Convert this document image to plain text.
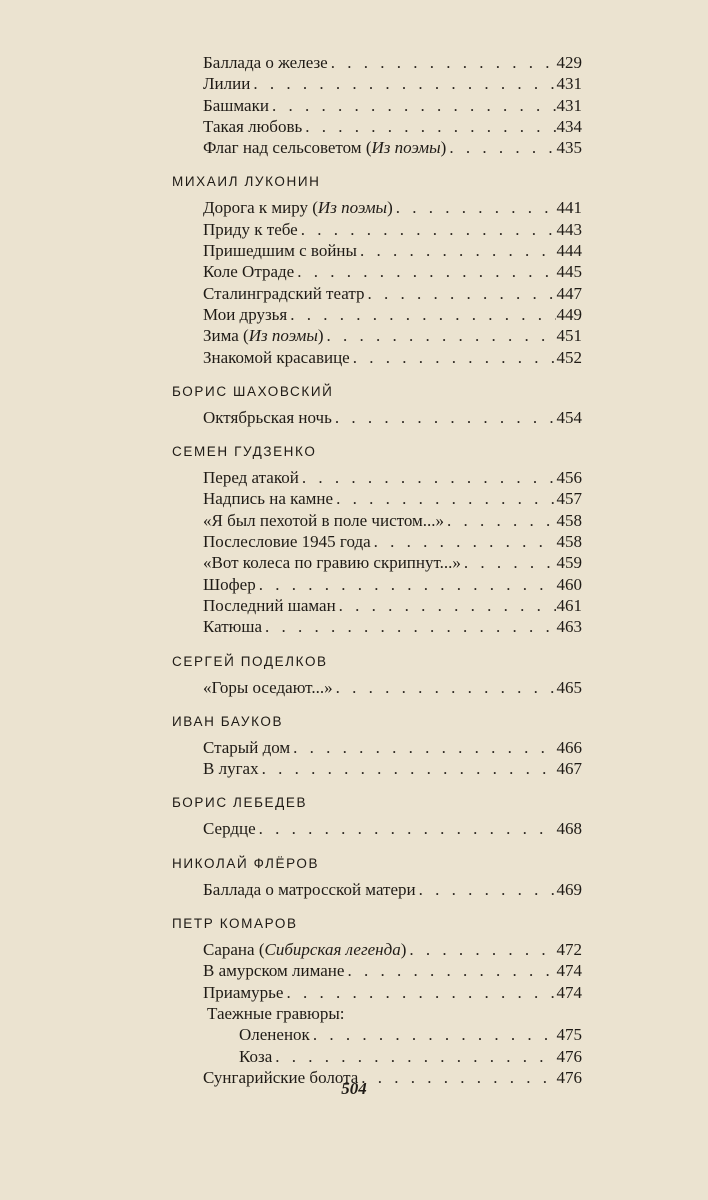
Баллада о железе . . .	429
Лилии . . .	431
Башмаки . . .	431
Такая любовь . . .	434
Флаг над сельсоветом (Из поэмы) . . .	435
МИХАИЛ ЛУКОНИН
Дорога к миру (Из поэмы) . . .	441
Приду к тебе . . .	443
Пришедшим с войны . . .	444
Коле Отраде . . .	445
Сталинградский театр . . .	447
Мои друзья . . .	449
Зима (Из поэмы) . . .	451
Знакомой красавице . . .	452
БОРИС ШАХОВСКИЙ
Октябрьская ночь . . .	454
СЕМЕН ГУДЗЕНКО
Перед атакой . . .	456
Надпись на камне . . .	457
«Я был пехотой в поле чистом...» . . .	458
Послесловие 1945 года . . .	458
«Вот колеса по гравию скрипнут...» . . .	459
Шофер . . .	460
Последний шаман . . .	461
Катюша . . .	463
СЕРГЕЙ ПОДЕЛКОВ
«Горы оседают...» . . .	465
ИВАН БАУКОВ
Старый дом . . .	466
В лугах . . .	467
БОРИС ЛЕБЕДЕВ
Сердце . . .	468
НИКОЛАЙ ФЛЁРОВ
Баллада о матросской матери . . .	469
ПЕТР КОМАРОВ
Сарана (Сибирская легенда) . . .	472
В амурском лимане . . .	474
Приамурье . . .	474
Таежные гравюры:
Олененок . . .	475
Коза . . .	476
Сунгарийские болота . . .	476
504
